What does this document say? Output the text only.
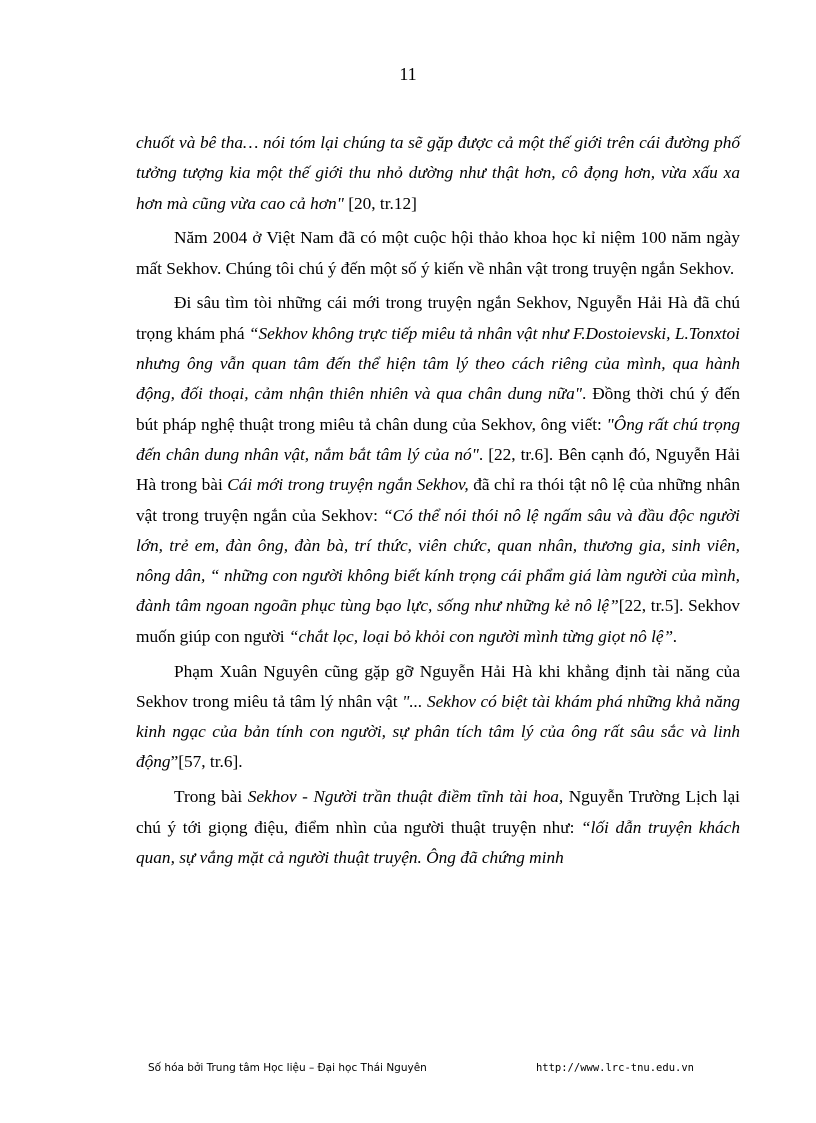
11

chuốt và bê tha… nói tóm lại chúng ta sẽ gặp được cả một thế giới trên cái đường phố tưởng tượng kia một thế giới thu nhỏ dường như thật hơn, cô đọng hơn, vừa xấu xa hơn mà cũng vừa cao cả hơn" [20, tr.12]

Năm 2004 ở Việt Nam đã có một cuộc hội thảo khoa học kỉ niệm 100 năm ngày mất Sekhov. Chúng tôi chú ý đến một số ý kiến về nhân vật trong truyện ngắn Sekhov.

Đi sâu tìm tòi những cái mới trong truyện ngắn Sekhov, Nguyễn Hải Hà đã chú trọng khám phá “Sekhov không trực tiếp miêu tả nhân vật như F.Dostoievski, L.Tonxtoi nhưng ông vẫn quan tâm đến thể hiện tâm lý theo cách riêng của mình, qua hành động, đối thoại, cảm nhận thiên nhiên và qua chân dung nữa". Đồng thời chú ý đến bút pháp nghệ thuật trong miêu tả chân dung của Sekhov, ông viết: "Ông rất chú trọng đến chân dung nhân vật, nắm bắt tâm lý của nó". [22, tr.6]. Bên cạnh đó, Nguyễn Hải Hà trong bài Cái mới trong truyện ngắn Sekhov, đã chỉ ra thói tật nô lệ của những nhân vật trong truyện ngắn của Sekhov: “Có thể nói thói nô lệ ngấm sâu và đầu độc người lớn, trẻ em, đàn ông, đàn bà, trí thức, viên chức, quan nhân, thương gia, sinh viên, nông dân, “ những con người không biết kính trọng cái phẩm giá làm người của mình, đành tâm ngoan ngoãn phục tùng bạo lực, sống như những kẻ nô lệ”[22, tr.5]. Sekhov muốn giúp con người “chắt lọc, loại bỏ khỏi con người mình từng giọt nô lệ”.

Phạm Xuân Nguyên cũng gặp gỡ Nguyễn Hải Hà khi khẳng định tài năng của Sekhov trong miêu tả tâm lý nhân vật "... Sekhov có biệt tài khám phá những khả năng kinh ngạc của bản tính con người, sự phân tích tâm lý của ông rất sâu sắc và linh động”[57, tr.6].

Trong bài Sekhov - Người trần thuật điềm tĩnh tài hoa, Nguyễn Trường Lịch lại chú ý tới giọng điệu, điểm nhìn của người thuật truyện như: “lối dẫn truyện khách quan, sự vắng mặt cả người thuật truyện. Ông đã chứng minh

Số hóa bởi Trung tâm Học liệu – Đại học Thái Nguyên	http://www.lrc-tnu.edu.vn
